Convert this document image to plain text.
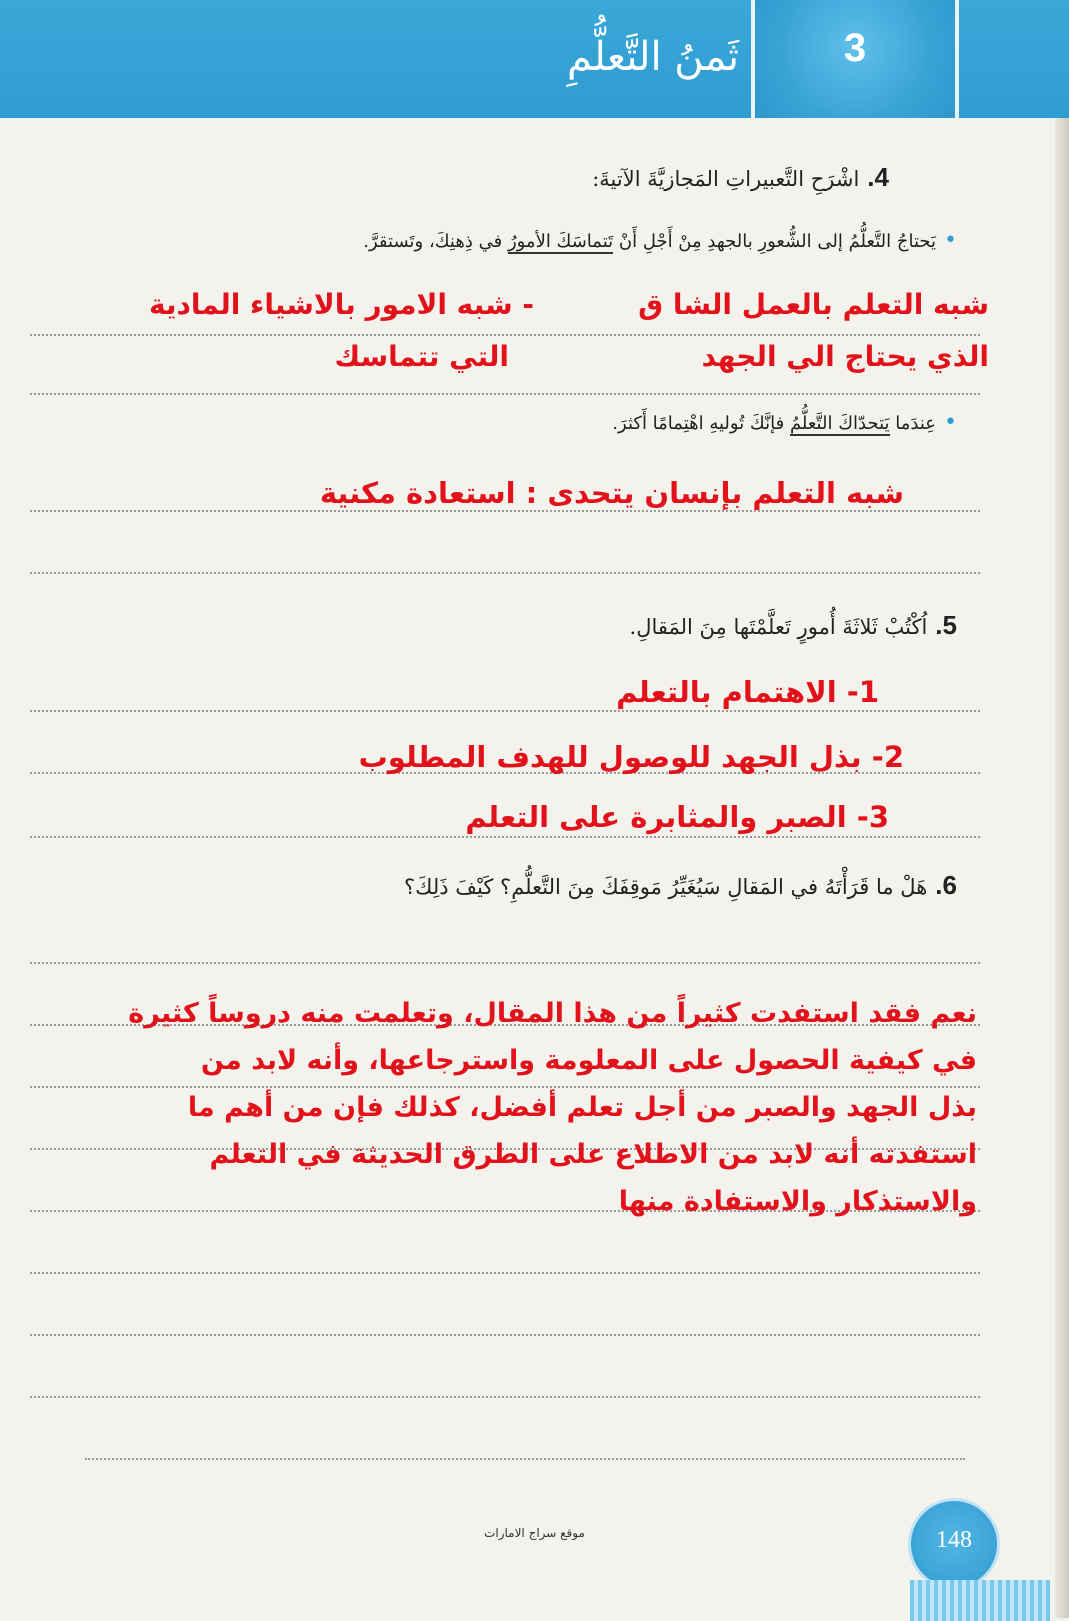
ثَمنُ التَّعلُّمِ	3
4.اشْرَحِ التَّعبيراتِ المَجازيَّةَ الآتيةَ:
•يَحتاجُ التَّعلُّمُ إلى الشُّعورِ بالجهدِ مِنْ أَجْلِ أَنْ تَتماسَكَ الأمورُ في ذِهنِكَ، وتَستقرَّ.
شبه التعلم بالعمل الشا ق
- شبه الامور بالاشياء المادية
الذي يحتاج الي الجهد
التي تتماسك
•عِندَما يَتحدّاكَ التَّعلُّمُ فإنَّكَ تُوليهِ اهْتِمامًا أَكثرَ.
شبه التعلم بإنسان يتحدى : استعادة مكنية
5.اُكْتُبْ ثَلاثَةَ أُمورٍ تَعلَّمْتَها مِنَ المَقالِ.
1- الاهتمام بالتعلم
2- بذل الجهد للوصول للهدف المطلوب
3- الصبر والمثابرة على التعلم
6.هَلْ ما قَرَأْتَهُ في المَقالِ سَيُغَيِّرُ مَوقِفَكَ مِنَ التَّعلُّمِ؟ كَيْفَ ذَلِكَ؟
نعم فقد استفدت كثيراً من هذا المقال، وتعلمت منه دروساً كثيرة
في كيفية الحصول على المعلومة واسترجاعها، وأنه لابد من
بذل الجهد والصبر من أجل تعلم أفضل، كذلك فإن من أهم ما
استفدته أنه لابد من الاطلاع على الطرق الحديثة في التعلم
والاستذكار والاستفادة منها
موقع سراج الامارات	148
